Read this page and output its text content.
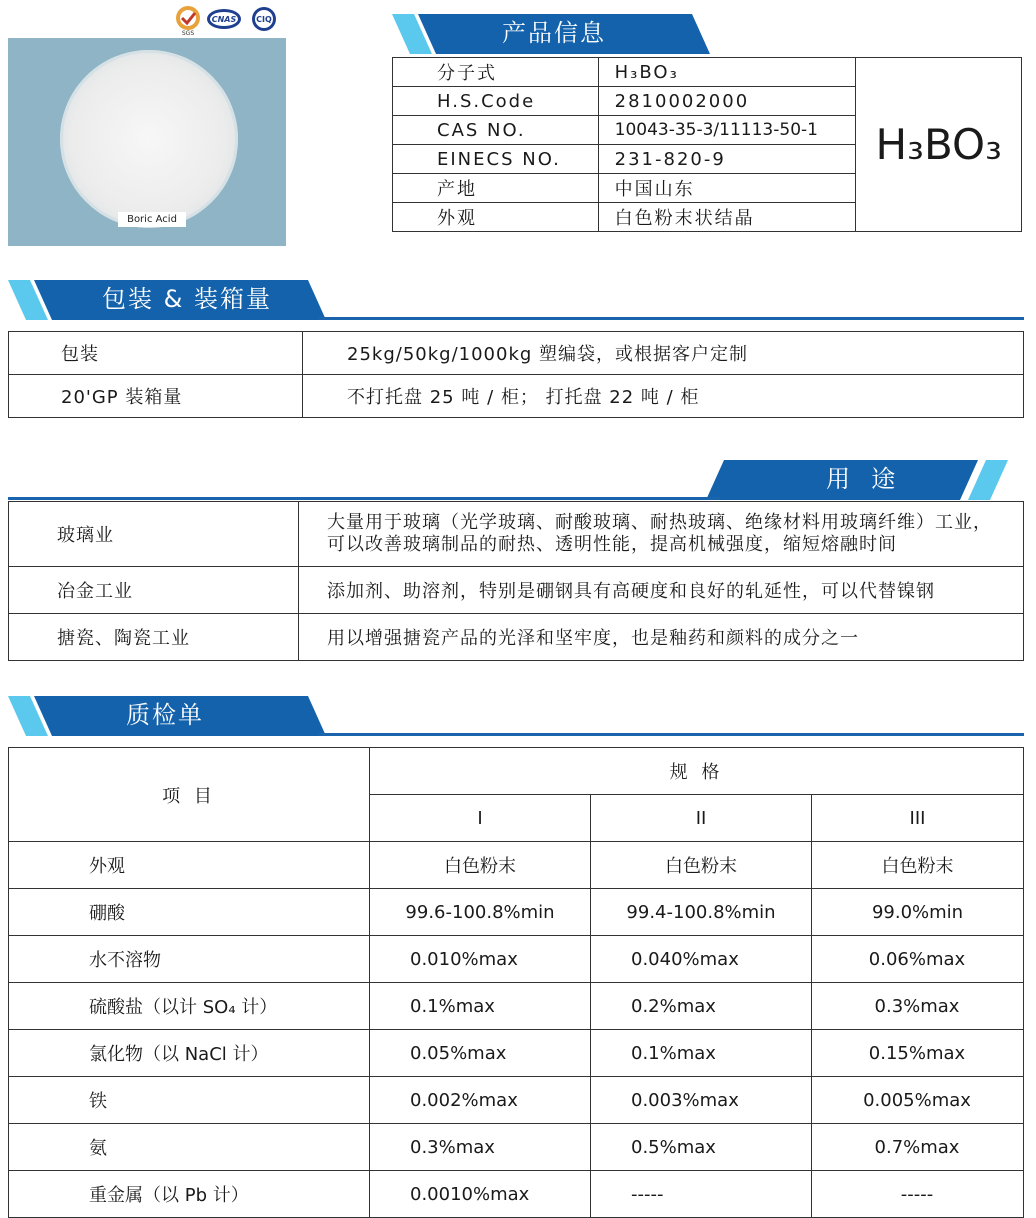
SGS
CNAS CIQ
Boric Acid
产品信息
分子式	H₃BO₃	H₃BO₃
H.S.Code	2810002000	
CAS NO.	10043-35-3/11113-50-1	
EINECS NO.	231-820-9	
产地	中国山东	
外观	白色粉末状结晶	
包装 & 装箱量
包装	25kg/50kg/1000kg 塑编袋，或根据客户定制
20'GP 装箱量	不打托盘 25 吨 / 柜； 打托盘 22 吨 / 柜
用  途
玻璃业	大量用于玻璃（光学玻璃、耐酸玻璃、耐热玻璃、绝缘材料用玻璃纤维）工业，
可以改善玻璃制品的耐热、透明性能，提高机械强度，缩短熔融时间

冶金工业	添加剂、助溶剂，特别是硼钢具有高硬度和良好的轧延性，可以代替镍钢
搪瓷、陶瓷工业	用以增强搪瓷产品的光泽和坚牢度，也是釉药和颜料的成分之一
质检单
项 目	规 格		
	I	II	III
外观	白色粉末	白色粉末	白色粉末
硼酸	99.6-100.8%min	99.4-100.8%min	99.0%min
水不溶物	0.010%max	0.040%max	0.06%max
硫酸盐（以计 SO₄ 计）	0.1%max	0.2%max	0.3%max
氯化物（以 NaCl 计）	0.05%max	0.1%max	0.15%max
铁	0.002%max	0.003%max	0.005%max
氨	0.3%max	0.5%max	0.7%max
重金属（以 Pb 计）	0.0010%max	-----	-----
